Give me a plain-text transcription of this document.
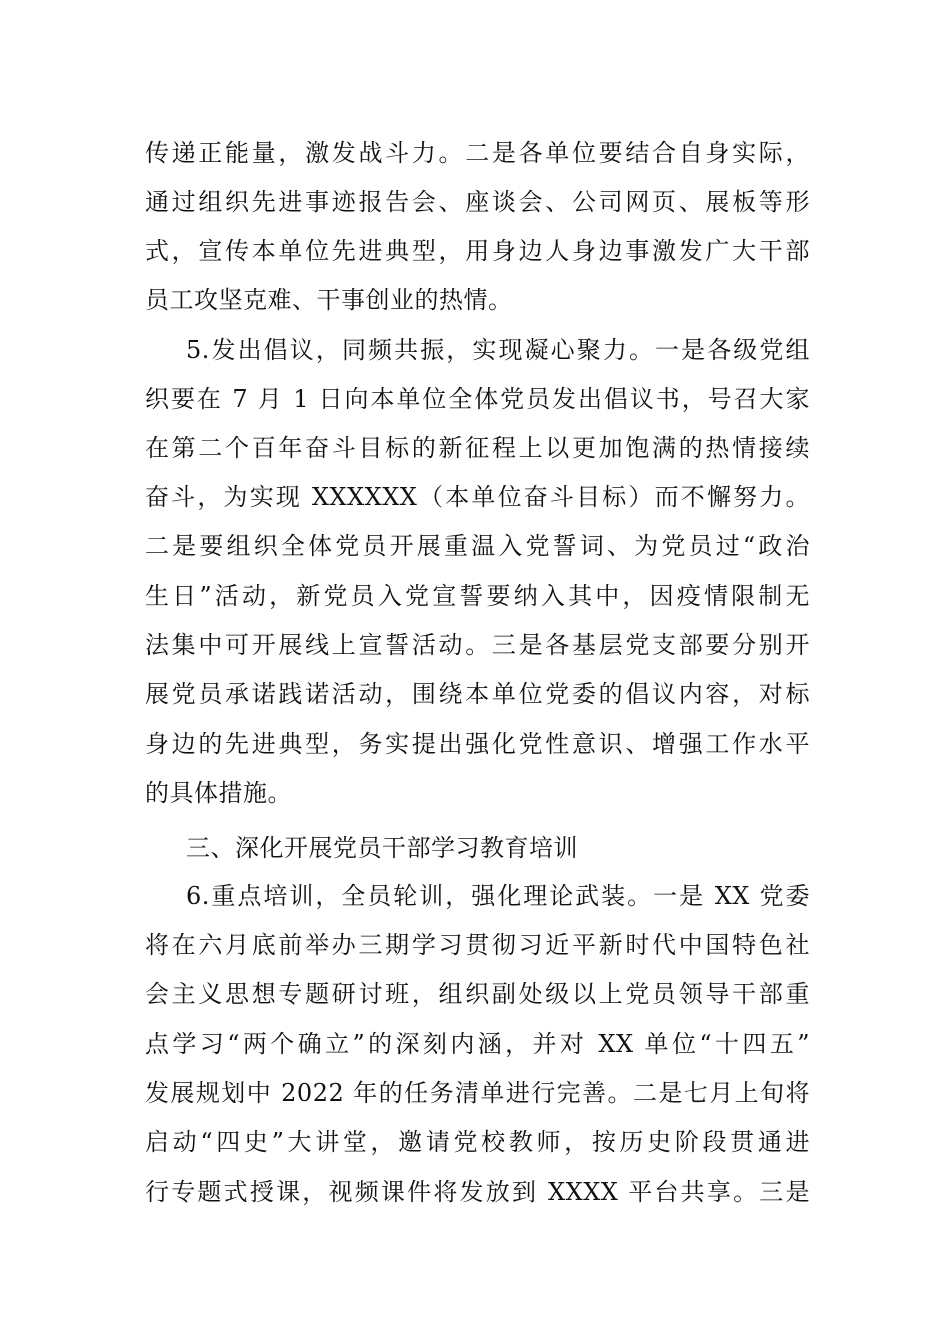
传递正能量，激发战斗力。二是各单位要结合自身实际，
通过组织先进事迹报告会、座谈会、公司网页、展板等形
式，宣传本单位先进典型，用身边人身边事激发广大干部
员工攻坚克难、干事创业的热情。
5.发出倡议，同频共振，实现凝心聚力。一是各级党组
织要在 7 月 1 日向本单位全体党员发出倡议书，号召大家
在第二个百年奋斗目标的新征程上以更加饱满的热情接续
奋斗，为实现 XXXXXX（本单位奋斗目标）而不懈努力。
二是要组织全体党员开展重温入党誓词、为党员过“政治
生日”活动，新党员入党宣誓要纳入其中，因疫情限制无
法集中可开展线上宣誓活动。三是各基层党支部要分别开
展党员承诺践诺活动，围绕本单位党委的倡议内容，对标
身边的先进典型，务实提出强化党性意识、增强工作水平
的具体措施。
三、深化开展党员干部学习教育培训
6.重点培训，全员轮训，强化理论武装。一是 XX 党委
将在六月底前举办三期学习贯彻习近平新时代中国特色社
会主义思想专题研讨班，组织副处级以上党员领导干部重
点学习“两个确立”的深刻内涵，并对 XX 单位“十四五”
发展规划中 2022 年的任务清单进行完善。二是七月上旬将
启动“四史”大讲堂，邀请党校教师，按历史阶段贯通进
行专题式授课，视频课件将发放到 XXXX 平台共享。三是
